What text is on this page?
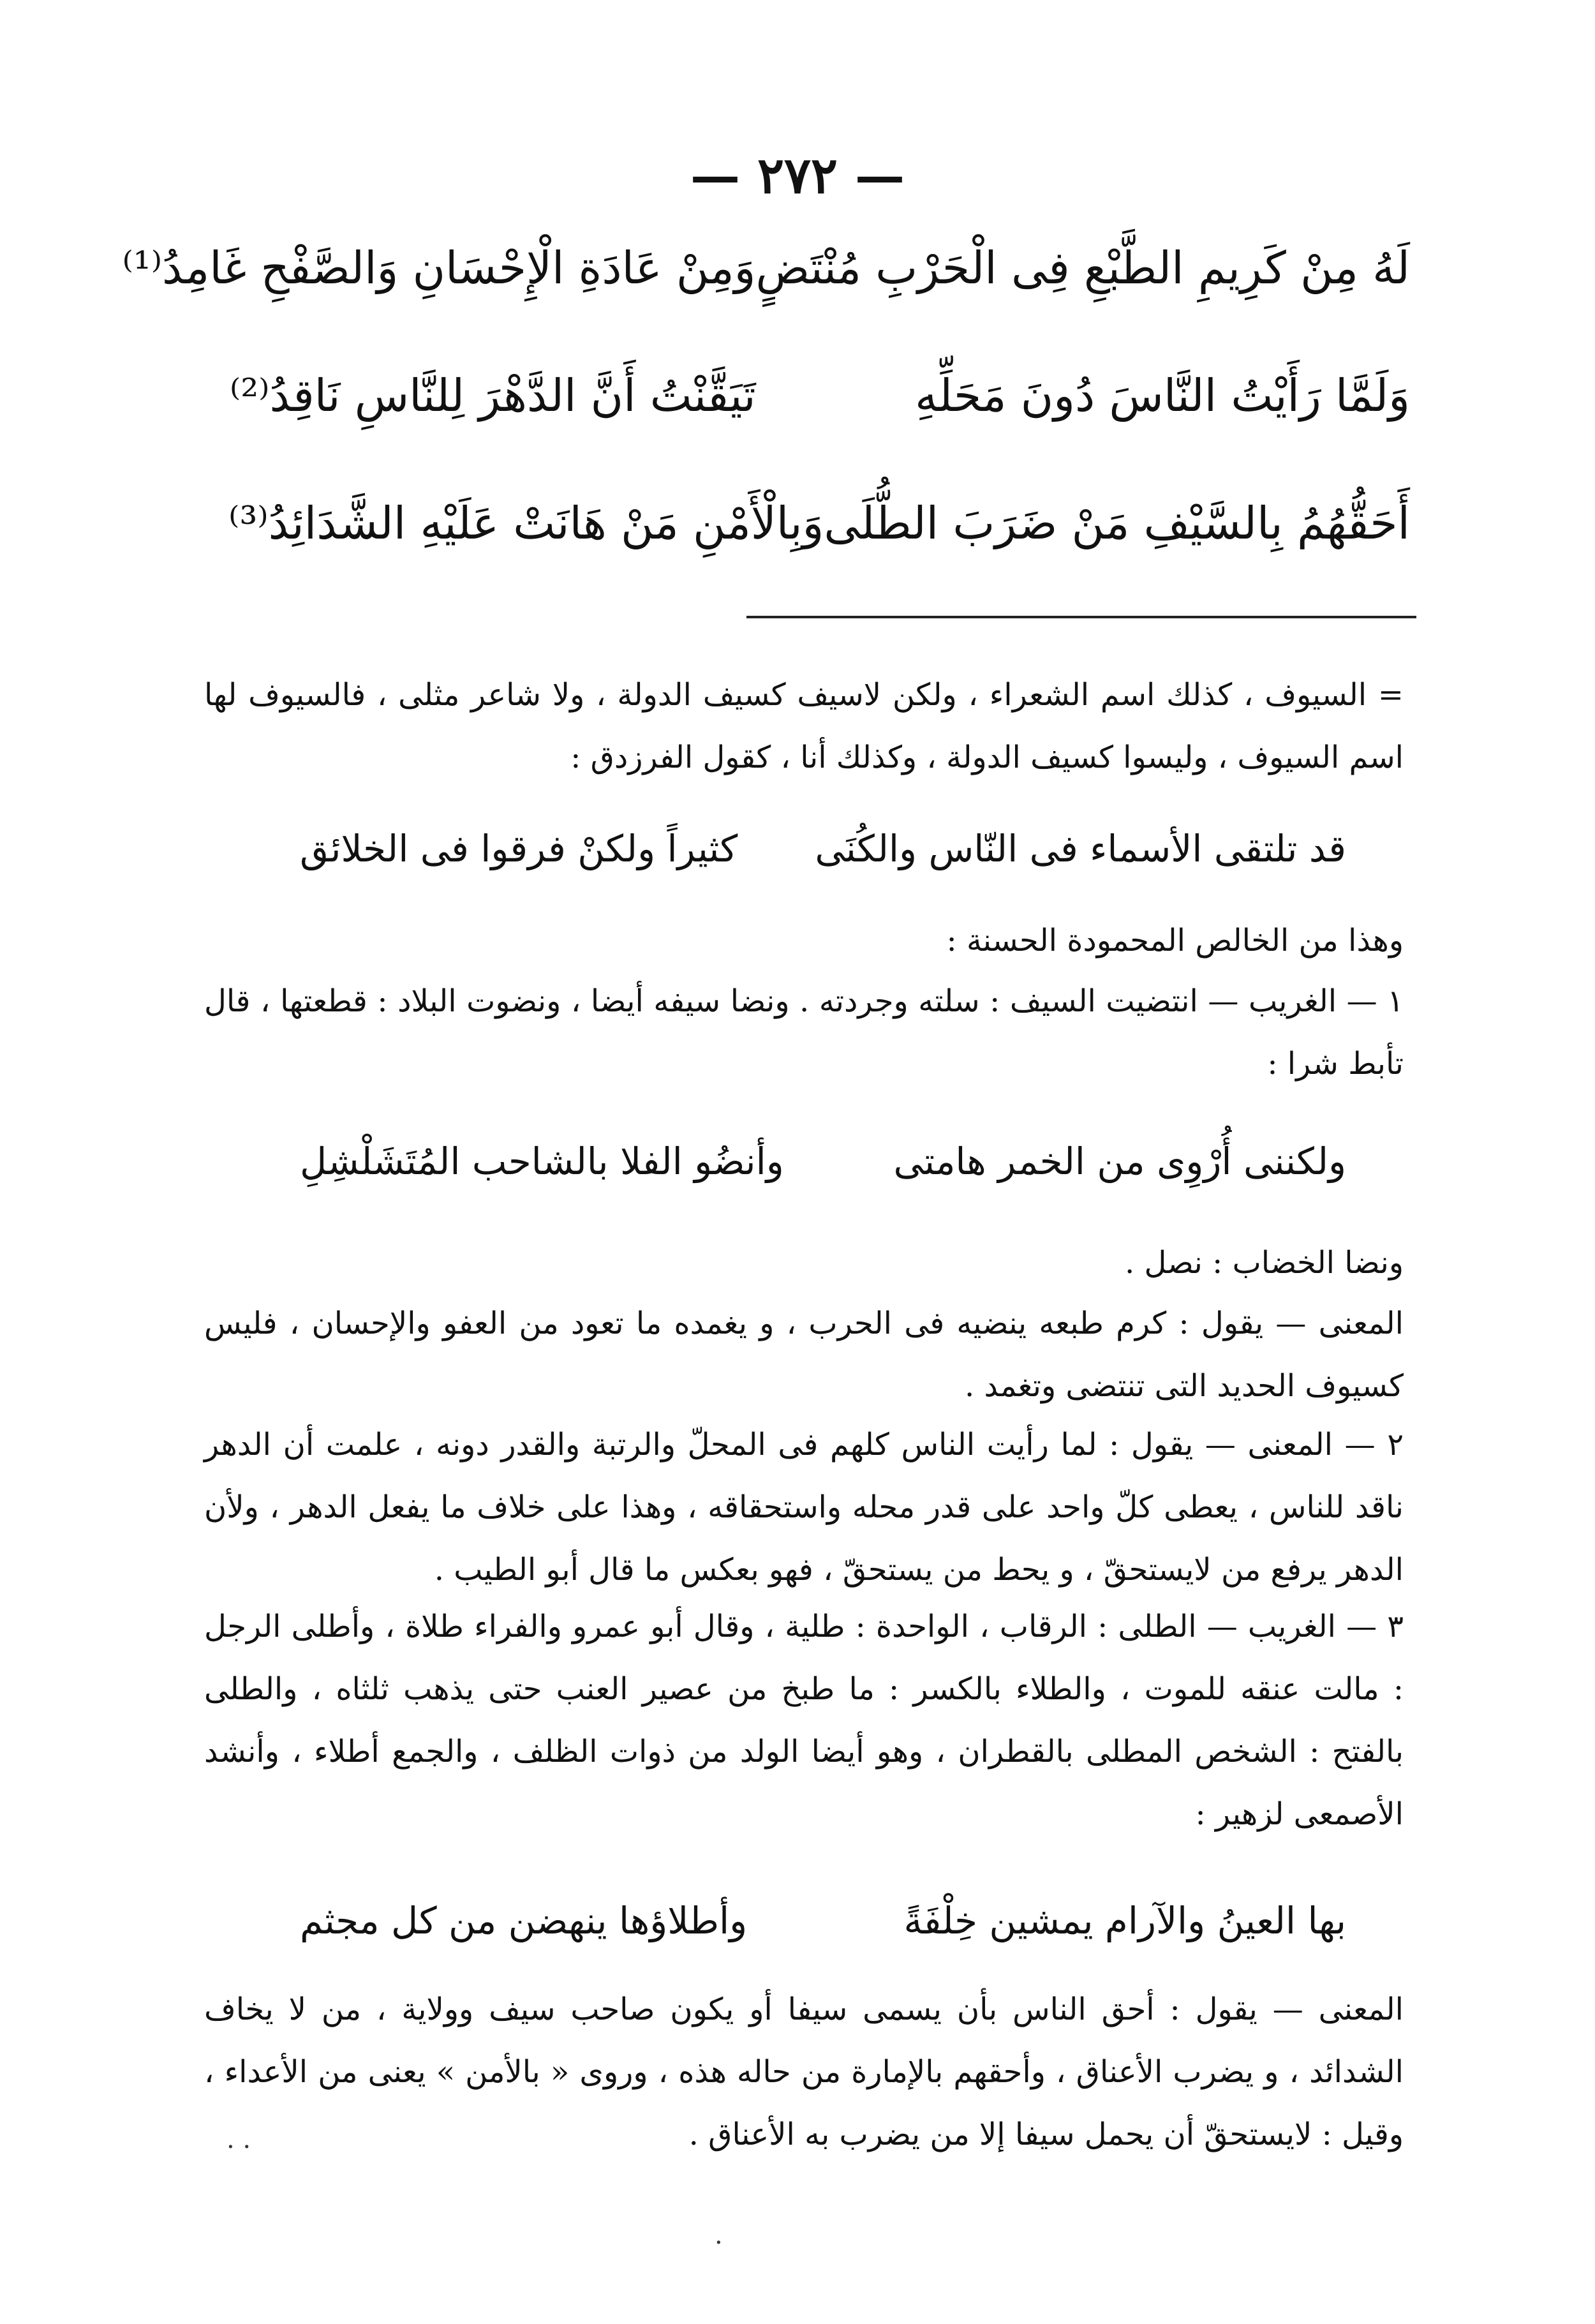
— ٢٧٢ —
لَهُ مِنْ كَرِيمِ الطَّبْعِ فِى الْحَرْبِ مُنْتَضٍ
وَمِنْ عَادَةِ الْإِحْسَانِ وَالصَّفْحِ غَامِدُ⁽¹⁾
وَلَمَّا رَأَيْتُ النَّاسَ دُونَ مَحَلِّهِ
تَيَقَّنْتُ أَنَّ الدَّهْرَ لِلنَّاسِ نَاقِدُ⁽²⁾
أَحَقُّهُمُ بِالسَّيْفِ مَنْ ضَرَبَ الطُّلَى
وَبِالْأَمْنِ مَنْ هَانَتْ عَلَيْهِ الشَّدَائِدُ⁽³⁾
= السيوف ، كذلك اسم الشعراء ، ولكن لاسيف كسيف الدولة ، ولا شاعر مثلى ، فالسيوف لها اسم السيوف ، وليسوا كسيف الدولة ، وكذلك أنا ، كقول الفرزدق :
قد تلتقى الأسماء فى النّاس والكُنَى
كثيراً ولكنْ فرقوا فى الخلائق
وهذا من الخالص المحمودة الحسنة :
١ — الغريب — انتضيت السيف : سلته وجردته . ونضا سيفه أيضا ، ونضوت البلاد : قطعتها ، قال تأبط شرا :
ولكننى أُرْوِى من الخمر هامتى
وأنضُو الفلا بالشاحب المُتَشَلْشِلِ
ونضا الخضاب : نصل .
المعنى — يقول : كرم طبعه ينضيه فى الحرب ، و يغمده ما تعود من العفو والإحسان ، فليس كسيوف الحديد التى تنتضى وتغمد .
٢ — المعنى — يقول : لما رأيت الناس كلهم فى المحلّ والرتبة والقدر دونه ، علمت أن الدهر ناقد للناس ، يعطى كلّ واحد على قدر محله واستحقاقه ، وهذا على خلاف ما يفعل الدهر ، ولأن الدهر يرفع من لايستحقّ ، و يحط من يستحقّ ، فهو بعكس ما قال أبو الطيب .
٣ — الغريب — الطلى : الرقاب ، الواحدة : طلية ، وقال أبو عمرو والفراء طلاة ، وأطلى الرجل : مالت عنقه للموت ، والطلاء بالكسر : ما طبخ من عصير العنب حتى يذهب ثلثاه ، والطلى بالفتح : الشخص المطلى بالقطران ، وهو أيضا الولد من ذوات الظلف ، والجمع أطلاء ، وأنشد الأصمعى لزهير :
بها العينُ والآرام يمشين خِلْفَةً
وأطلاؤها ينهضن من كل مجثم
المعنى — يقول : أحق الناس بأن يسمى سيفا أو يكون صاحب سيف وولاية ، من لا يخاف الشدائد ، و يضرب الأعناق ، وأحقهم بالإمارة من حاله هذه ، وروى « بالأمن » يعنى من الأعداء ، وقيل : لايستحقّ أن يحمل سيفا إلا من يضرب به الأعناق .
. .
.
